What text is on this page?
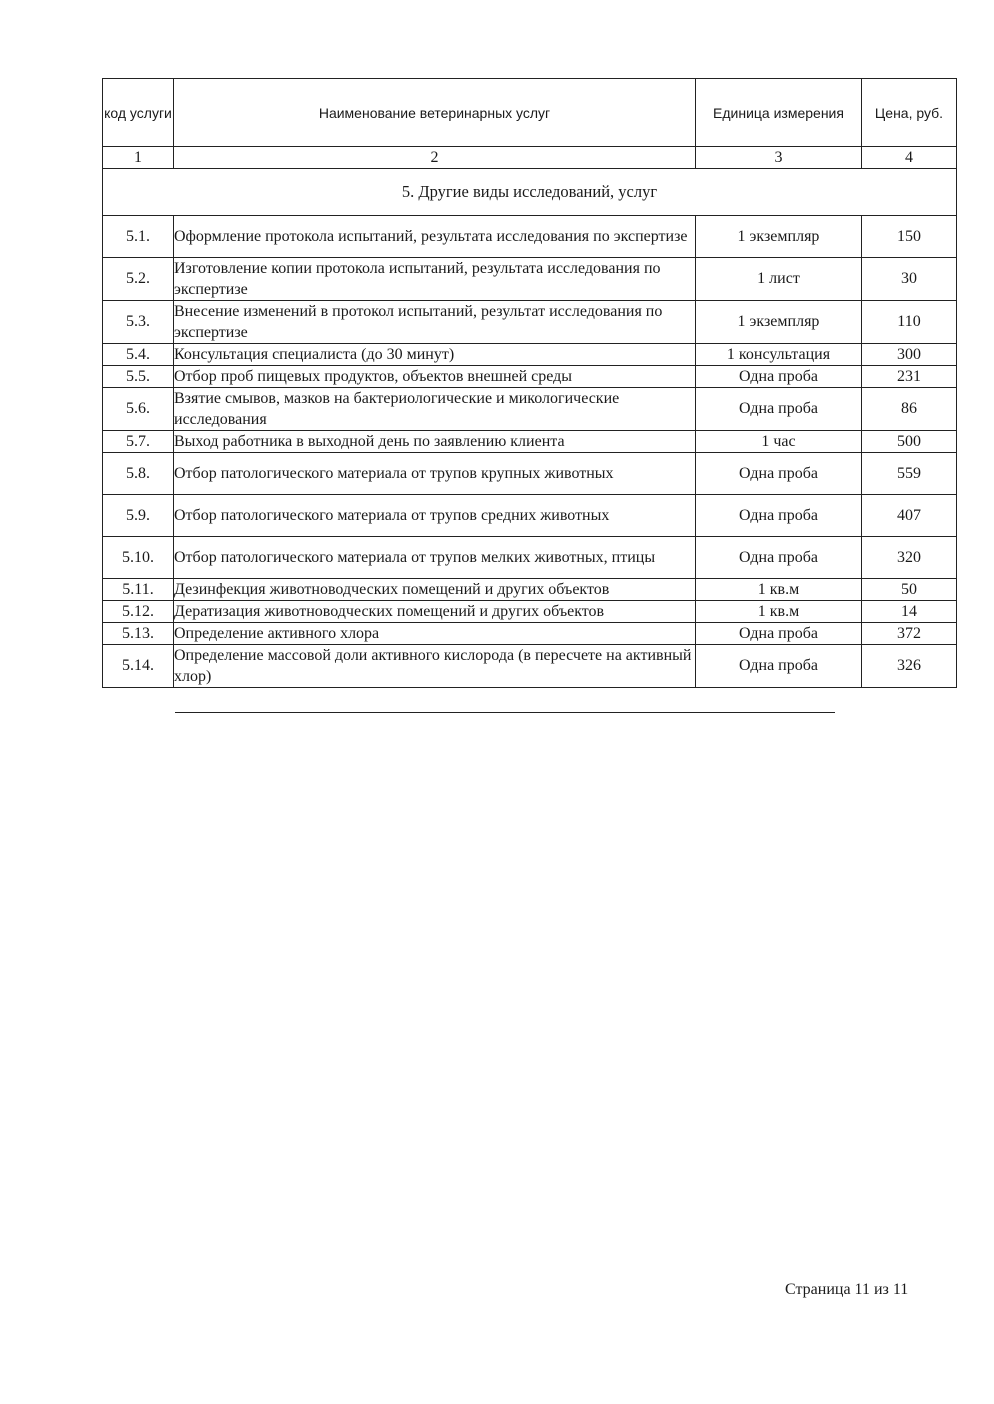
код услуги	Наименование ветеринарных услуг	Единица измерения	Цена, руб.
1	2	3	4
5. Другие виды исследований, услуг			
5.1.	Оформление протокола испытаний, результата исследования по экспертизе	1 экземпляр	150
5.2.	Изготовление копии протокола испытаний, результата исследования по экспертизе	1 лист	30
5.3.	Внесение изменений в протокол испытаний, результат исследования по экспертизе	1 экземпляр	110
5.4.	Консультация специалиста (до 30 минут)	1 консультация	300
5.5.	Отбор проб пищевых продуктов, объектов внешней среды	Одна проба	231
5.6.	Взятие смывов, мазков на бактериологические и микологические исследования	Одна проба	86
5.7.	Выход работника в выходной день по заявлению клиента	1 час	500
5.8.	Отбор патологического материала от трупов крупных животных	Одна проба	559
5.9.	Отбор патологического материала от трупов средних животных	Одна проба	407
5.10.	Отбор патологического материала от трупов мелких животных, птицы	Одна проба	320
5.11.	Дезинфекция животноводческих помещений и других объектов	1 кв.м	50
5.12.	Дератизация животноводческих помещений и других объектов	1 кв.м	14
5.13.	Определение активного хлора	Одна проба	372
5.14.	Определение массовой доли активного кислорода (в пересчете на активный хлор)	Одна проба	326
Страница 11 из 11
